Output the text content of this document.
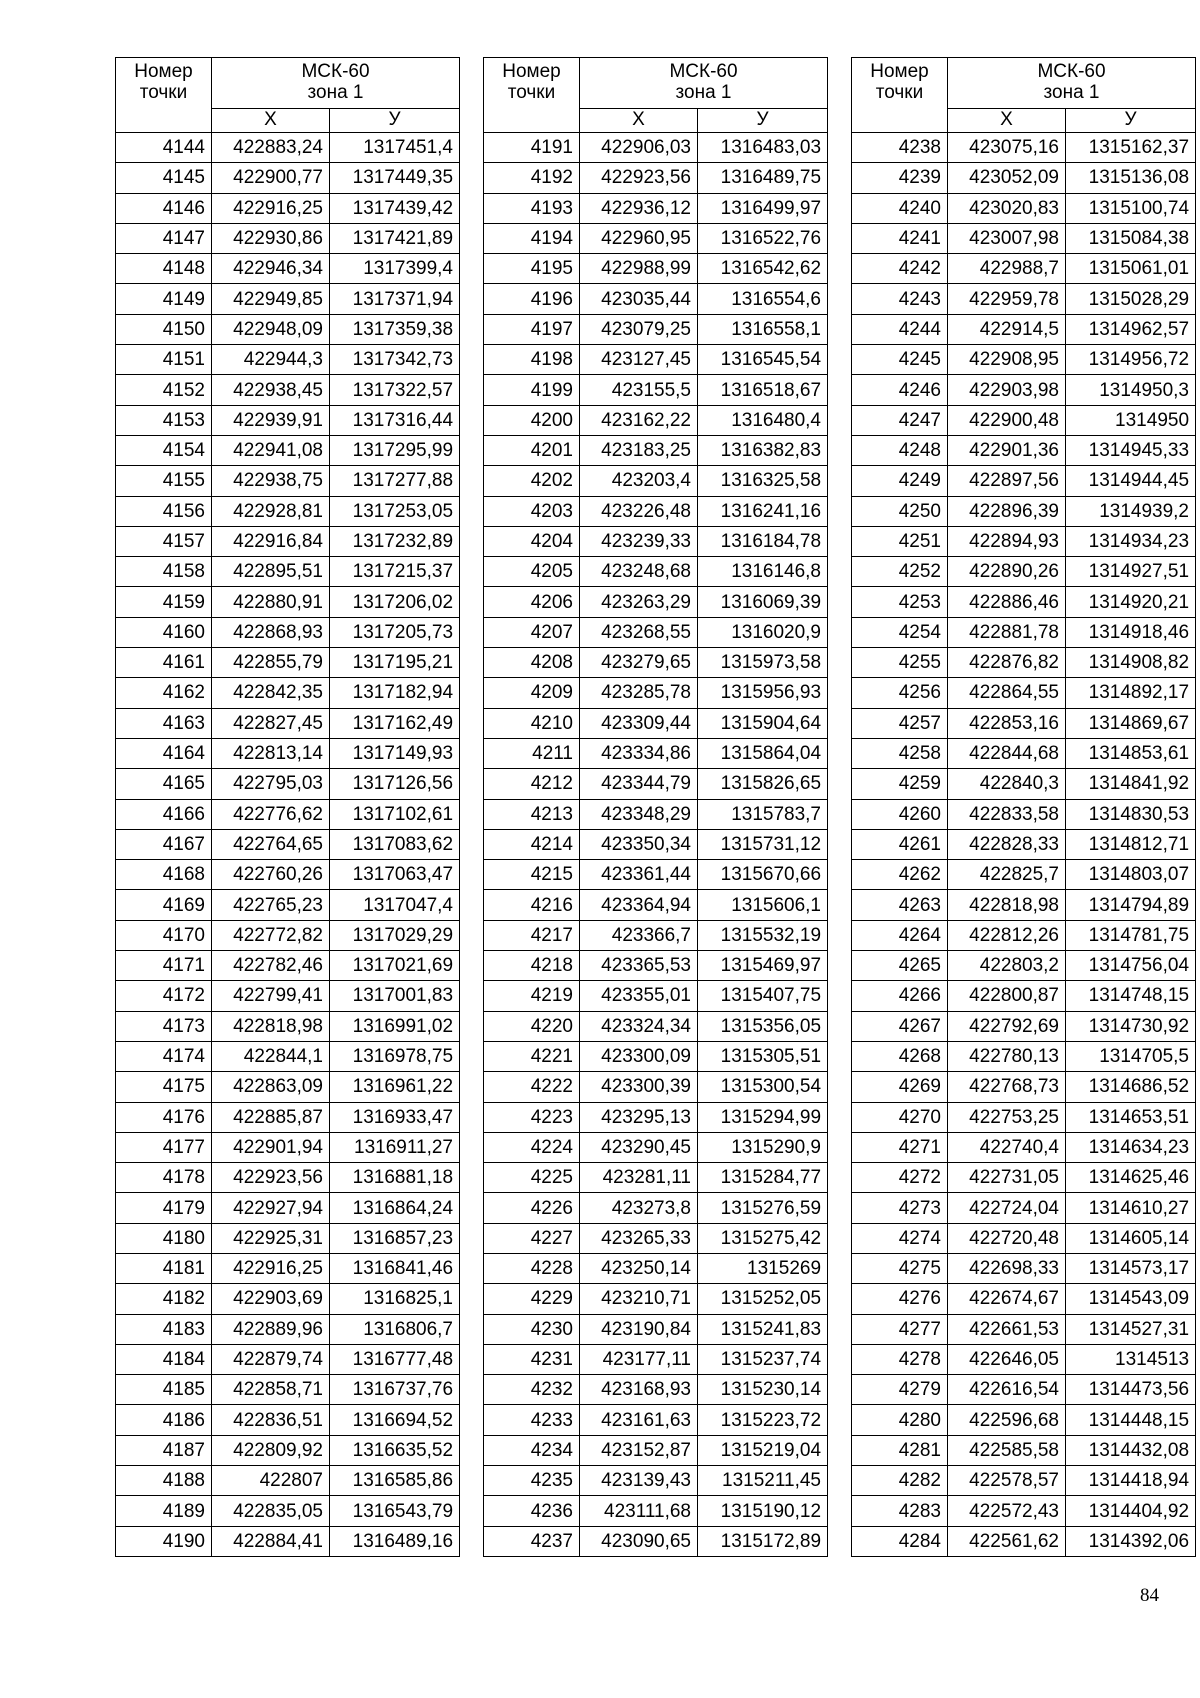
Номер
точки	МСК-60
зона 1	
	Х	У
4144	422883,24	1317451,4
4145	422900,77	1317449,35
4146	422916,25	1317439,42
4147	422930,86	1317421,89
4148	422946,34	1317399,4
4149	422949,85	1317371,94
4150	422948,09	1317359,38
4151	422944,3	1317342,73
4152	422938,45	1317322,57
4153	422939,91	1317316,44
4154	422941,08	1317295,99
4155	422938,75	1317277,88
4156	422928,81	1317253,05
4157	422916,84	1317232,89
4158	422895,51	1317215,37
4159	422880,91	1317206,02
4160	422868,93	1317205,73
4161	422855,79	1317195,21
4162	422842,35	1317182,94
4163	422827,45	1317162,49
4164	422813,14	1317149,93
4165	422795,03	1317126,56
4166	422776,62	1317102,61
4167	422764,65	1317083,62
4168	422760,26	1317063,47
4169	422765,23	1317047,4
4170	422772,82	1317029,29
4171	422782,46	1317021,69
4172	422799,41	1317001,83
4173	422818,98	1316991,02
4174	422844,1	1316978,75
4175	422863,09	1316961,22
4176	422885,87	1316933,47
4177	422901,94	1316911,27
4178	422923,56	1316881,18
4179	422927,94	1316864,24
4180	422925,31	1316857,23
4181	422916,25	1316841,46
4182	422903,69	1316825,1
4183	422889,96	1316806,7
4184	422879,74	1316777,48
4185	422858,71	1316737,76
4186	422836,51	1316694,52
4187	422809,92	1316635,52
4188	422807	1316585,86
4189	422835,05	1316543,79
4190	422884,41	1316489,16
Номер
точки	МСК-60
зона 1	
	Х	У
4191	422906,03	1316483,03
4192	422923,56	1316489,75
4193	422936,12	1316499,97
4194	422960,95	1316522,76
4195	422988,99	1316542,62
4196	423035,44	1316554,6
4197	423079,25	1316558,1
4198	423127,45	1316545,54
4199	423155,5	1316518,67
4200	423162,22	1316480,4
4201	423183,25	1316382,83
4202	423203,4	1316325,58
4203	423226,48	1316241,16
4204	423239,33	1316184,78
4205	423248,68	1316146,8
4206	423263,29	1316069,39
4207	423268,55	1316020,9
4208	423279,65	1315973,58
4209	423285,78	1315956,93
4210	423309,44	1315904,64
4211	423334,86	1315864,04
4212	423344,79	1315826,65
4213	423348,29	1315783,7
4214	423350,34	1315731,12
4215	423361,44	1315670,66
4216	423364,94	1315606,1
4217	423366,7	1315532,19
4218	423365,53	1315469,97
4219	423355,01	1315407,75
4220	423324,34	1315356,05
4221	423300,09	1315305,51
4222	423300,39	1315300,54
4223	423295,13	1315294,99
4224	423290,45	1315290,9
4225	423281,11	1315284,77
4226	423273,8	1315276,59
4227	423265,33	1315275,42
4228	423250,14	1315269
4229	423210,71	1315252,05
4230	423190,84	1315241,83
4231	423177,11	1315237,74
4232	423168,93	1315230,14
4233	423161,63	1315223,72
4234	423152,87	1315219,04
4235	423139,43	1315211,45
4236	423111,68	1315190,12
4237	423090,65	1315172,89
Номер
точки	МСК-60
зона 1	
	Х	У
4238	423075,16	1315162,37
4239	423052,09	1315136,08
4240	423020,83	1315100,74
4241	423007,98	1315084,38
4242	422988,7	1315061,01
4243	422959,78	1315028,29
4244	422914,5	1314962,57
4245	422908,95	1314956,72
4246	422903,98	1314950,3
4247	422900,48	1314950
4248	422901,36	1314945,33
4249	422897,56	1314944,45
4250	422896,39	1314939,2
4251	422894,93	1314934,23
4252	422890,26	1314927,51
4253	422886,46	1314920,21
4254	422881,78	1314918,46
4255	422876,82	1314908,82
4256	422864,55	1314892,17
4257	422853,16	1314869,67
4258	422844,68	1314853,61
4259	422840,3	1314841,92
4260	422833,58	1314830,53
4261	422828,33	1314812,71
4262	422825,7	1314803,07
4263	422818,98	1314794,89
4264	422812,26	1314781,75
4265	422803,2	1314756,04
4266	422800,87	1314748,15
4267	422792,69	1314730,92
4268	422780,13	1314705,5
4269	422768,73	1314686,52
4270	422753,25	1314653,51
4271	422740,4	1314634,23
4272	422731,05	1314625,46
4273	422724,04	1314610,27
4274	422720,48	1314605,14
4275	422698,33	1314573,17
4276	422674,67	1314543,09
4277	422661,53	1314527,31
4278	422646,05	1314513
4279	422616,54	1314473,56
4280	422596,68	1314448,15
4281	422585,58	1314432,08
4282	422578,57	1314418,94
4283	422572,43	1314404,92
4284	422561,62	1314392,06
84
